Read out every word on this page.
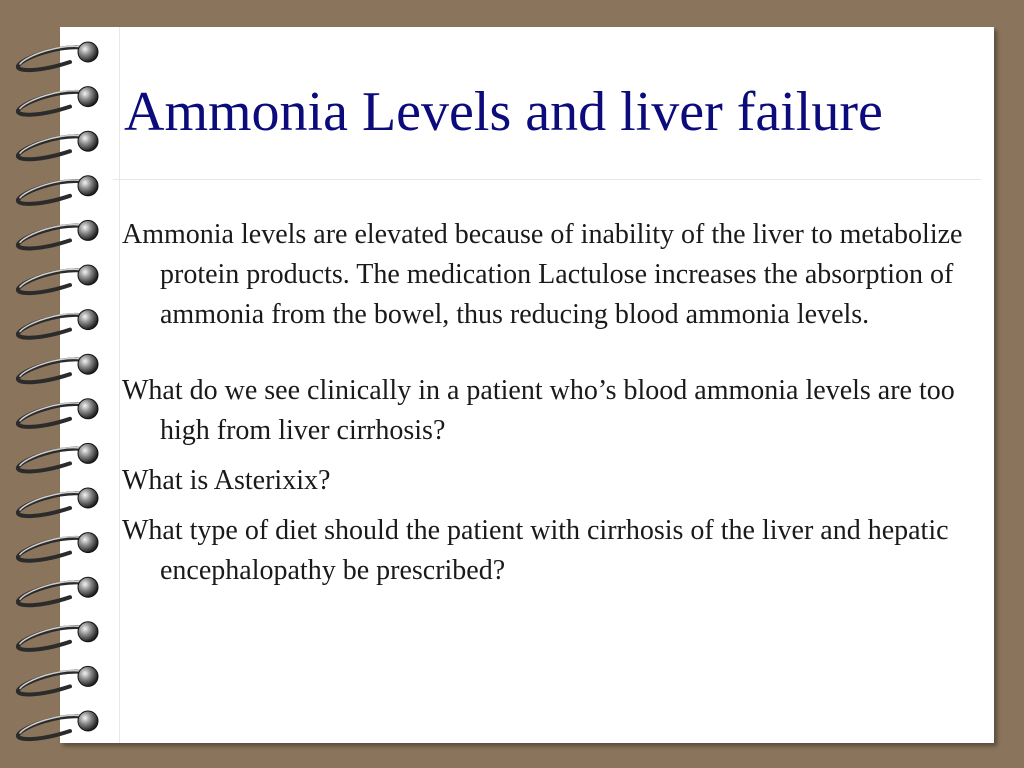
Ammonia Levels and liver failure

Ammonia levels are elevated because of inability of the liver to metabolize protein products. The medication Lactulose increases the absorption of ammonia from the bowel, thus reducing blood ammonia levels.

What do we see clinically in a patient who’s blood ammonia levels are too high from liver cirrhosis?

What is Asterixix?

What type of diet should the patient with cirrhosis of the liver and hepatic encephalopathy be prescribed?
